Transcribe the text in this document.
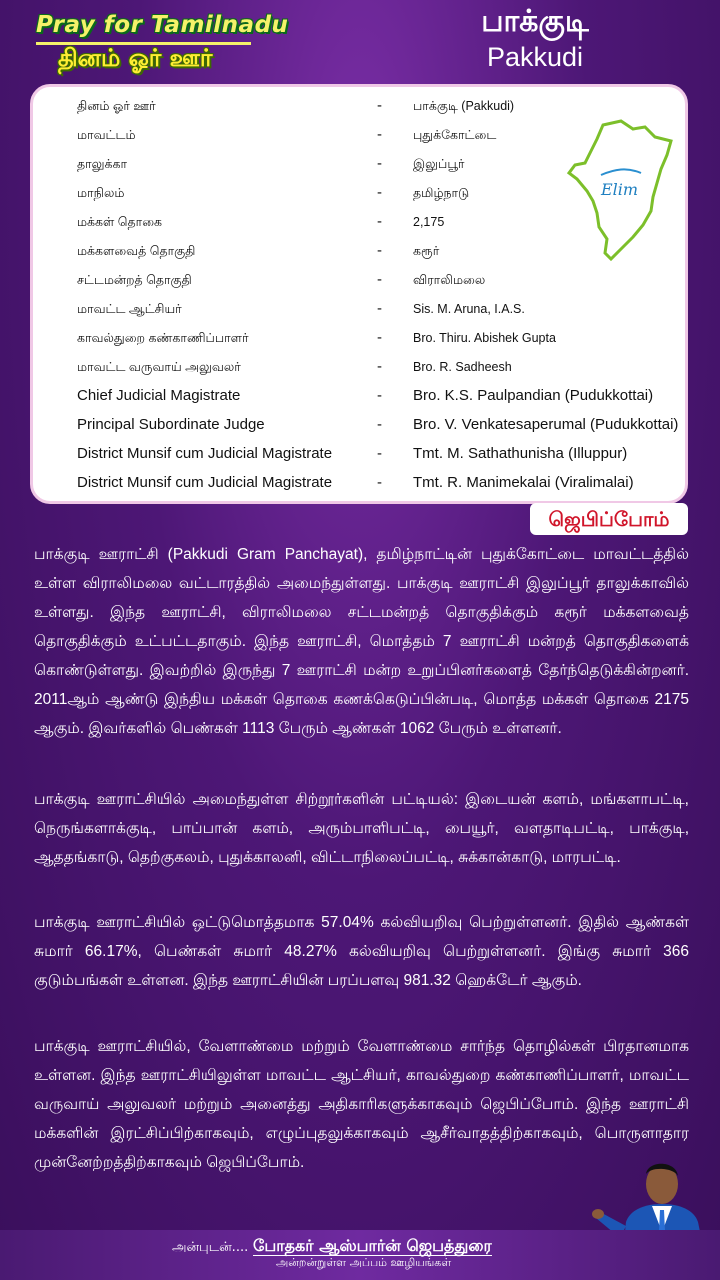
Pray for Tamilnadu
தினம் ஓர் ஊர்
பாக்குடி
Pakkudi
தினம் ஓர் ஊர்	- பாக்குடி (Pakkudi)
மாவட்டம்	- புதுக்கோட்டை
தாலுக்கா	- இலுப்பூர்
மாநிலம்	- தமிழ்நாடு
மக்கள் தொகை	- 2,175
மக்களவைத் தொகுதி	- கரூர்
சட்டமன்றத் தொகுதி	- விராலிமலை
மாவட்ட ஆட்சியர்	- Sis. M. Aruna, I.A.S.
காவல்துறை கண்காணிப்பாளர்	- Bro. Thiru. Abishek Gupta
மாவட்ட வருவாய் அலுவலர்	- Bro. R. Sadheesh
Chief Judicial Magistrate	- Bro. K.S. Paulpandian (Pudukkottai)
Principal Subordinate Judge	- Bro. V. Venkatesaperumal (Pudukkottai)
District Munsif cum Judicial Magistrate	- Tmt. M. Sathathunisha (Illuppur)
District Munsif cum Judicial Magistrate	- Tmt. R. Manimekalai (Viralimalai)
Elim
ஜெபிப்போம்
பாக்குடி ஊராட்சி (Pakkudi Gram Panchayat), தமிழ்நாட்டின் புதுக்கோட்டை மாவட்டத்தில் உள்ள விராலிமலை வட்டாரத்தில் அமைந்துள்ளது. பாக்குடி ஊராட்சி இலுப்பூர் தாலுக்காவில் உள்ளது. இந்த ஊராட்சி, விராலிமலை சட்டமன்றத் தொகுதிக்கும் கரூர் மக்களவைத் தொகுதிக்கும் உட்பட்டதாகும். இந்த ஊராட்சி, மொத்தம் 7 ஊராட்சி மன்றத் தொகுதிகளைக் கொண்டுள்ளது. இவற்றில் இருந்து 7 ஊராட்சி மன்ற உறுப்பினர்களைத் தேர்ந்தெடுக்கின்றனர். 2011ஆம் ஆண்டு இந்திய மக்கள் தொகை கணக்கெடுப்பின்படி, மொத்த மக்கள் தொகை 2175 ஆகும். இவர்களில் பெண்கள் 1113 பேரும் ஆண்கள் 1062 பேரும் உள்ளனர்.
பாக்குடி ஊராட்சியில் அமைந்துள்ள சிற்றூர்களின் பட்டியல்: இடையன் களம், மங்களாபட்டி, நெருங்களாக்குடி, பாப்பான் களம், அரும்பாளிபட்டி, பையூர், வளதாடிபட்டி, பாக்குடி, ஆததங்காடு, தெற்குகலம், புதுக்காலனி, விட்டாநிலைப்பட்டி, சுக்கான்காடு, மாரபட்டி.
பாக்குடி ஊராட்சியில் ஒட்டுமொத்தமாக 57.04% கல்வியறிவு பெற்றுள்ளனர். இதில் ஆண்கள் சுமார் 66.17%, பெண்கள் சுமார் 48.27% கல்வியறிவு பெற்றுள்ளனர். இங்கு சுமார் 366 குடும்பங்கள் உள்ளன. இந்த ஊராட்சியின் பரப்பளவு 981.32 ஹெக்டேர் ஆகும்.
பாக்குடி ஊராட்சியில், வேளாண்மை மற்றும் வேளாண்மை சார்ந்த தொழில்கள் பிரதானமாக உள்ளன. இந்த ஊராட்சியிலுள்ள மாவட்ட ஆட்சியர், காவல்துறை கண்காணிப்பாளர், மாவட்ட வருவாய் அலுவலர் மற்றும் அனைத்து அதிகாரிகளுக்காகவும் ஜெபிப்போம். இந்த ஊராட்சி மக்களின் இரட்சிப்பிற்காகவும், எழுப்புதலுக்காகவும் ஆசீர்வாதத்திற்காகவும், பொருளாதார முன்னேற்றத்திற்காகவும் ஜெபிப்போம்.
அன்புடன்.... போதகர் ஆஸ்பார்ன் ஜெபத்துரை
அன்றன்றுள்ள அப்பம் ஊழியங்கள்
